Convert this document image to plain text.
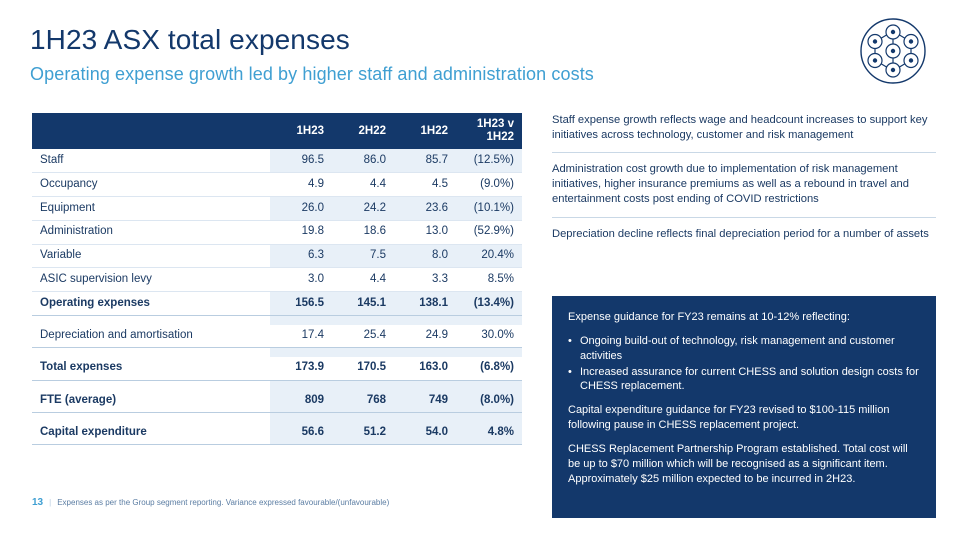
1H23 ASX total expenses
Operating expense growth led by higher staff and administration costs
	1H23	2H22	1H22	1H23 v 1H22
Staff	96.5	86.0	85.7	(12.5%)
Occupancy	4.9	4.4	4.5	(9.0%)
Equipment	26.0	24.2	23.6	(10.1%)
Administration	19.8	18.6	13.0	(52.9%)
Variable	6.3	7.5	8.0	20.4%
ASIC supervision levy	3.0	4.4	3.3	8.5%
Operating expenses	156.5	145.1	138.1	(13.4%)

Depreciation and amortisation	17.4	25.4	24.9	30.0%

Total expenses	173.9	170.5	163.0	(6.8%)

FTE (average)	809	768	749	(8.0%)

Capital expenditure	56.6	51.2	54.0	4.8%
13 | Expenses as per the Group segment reporting. Variance expressed favourable/(unfavourable)
Staff expense growth reflects wage and headcount increases to support key initiatives across technology, customer and risk management
Administration cost growth due to implementation of risk management initiatives, higher insurance premiums as well as a rebound in travel and entertainment costs post ending of COVID restrictions
Depreciation decline reflects final depreciation period for a number of assets

Expense guidance for FY23 remains at 10-12% reflecting:

• Ongoing build-out of technology, risk management and customer activities
• Increased assurance for current CHESS and solution design costs for CHESS replacement.

Capital expenditure guidance for FY23 revised to $100-115 million following pause in CHESS replacement project.

CHESS Replacement Partnership Program established. Total cost will be up to $70 million which will be recognised as a significant item. Approximately $25 million expected to be incurred in 2H23.
